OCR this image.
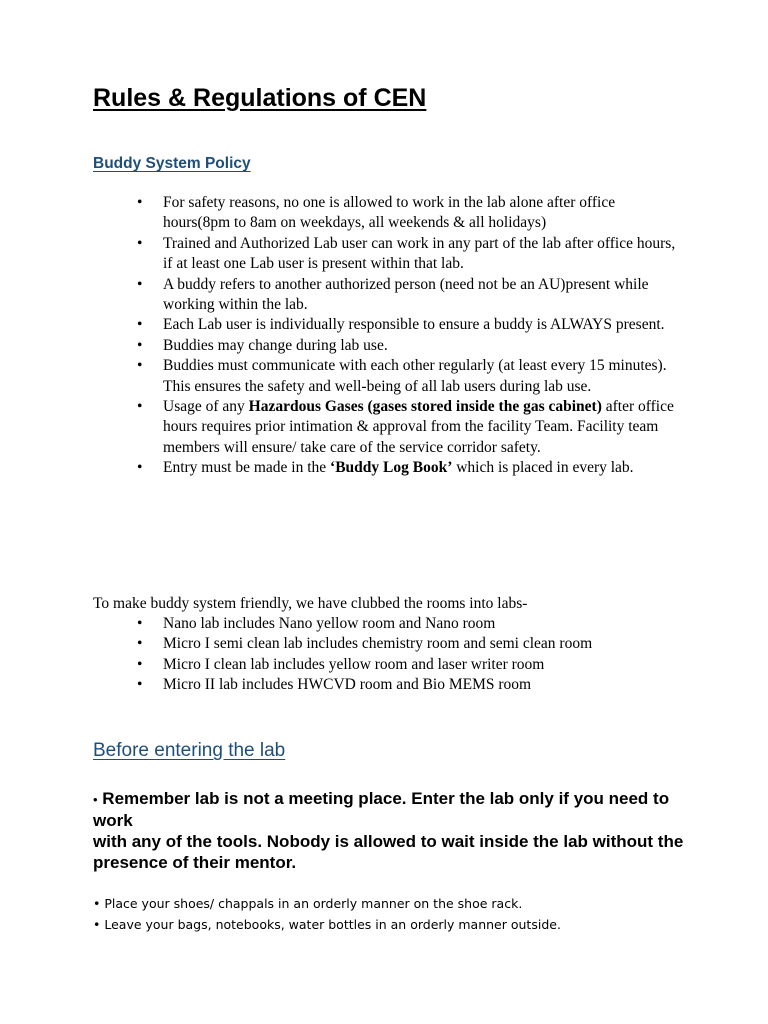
Rules & Regulations of CEN
Buddy System Policy
• For safety reasons, no one is allowed to work in the lab alone after office hours(8pm to 8am on weekdays, all weekends & all holidays)
• Trained and Authorized Lab user can work in any part of the lab after office hours, if at least one Lab user is present within that lab.
• A buddy refers to another authorized person (need not be an AU)present while working within the lab.
• Each Lab user is individually responsible to ensure a buddy is ALWAYS present.
• Buddies may change during lab use.
• Buddies must communicate with each other regularly (at least every 15 minutes). This ensures the safety and well-being of all lab users during lab use.
• Usage of any Hazardous Gases (gases stored inside the gas cabinet) after office hours requires prior intimation & approval from the facility Team. Facility team members will ensure/ take care of the service corridor safety.
• Entry must be made in the ‘Buddy Log Book’ which is placed in every lab.

To make buddy system friendly, we have clubbed the rooms into labs-

• Nano lab includes Nano yellow room and Nano room
• Micro I semi clean lab includes chemistry room and semi clean room
• Micro I clean lab includes yellow room and laser writer room
• Micro II lab includes HWCVD room and Bio MEMS room
Before entering the lab

• Remember lab is not a meeting place. Enter the lab only if you need to work
with any of the tools. Nobody is allowed to wait inside the lab without the
presence of their mentor.

• Place your shoes/ chappals in an orderly manner on the shoe rack.

• Leave your bags, notebooks, water bottles in an orderly manner outside.
